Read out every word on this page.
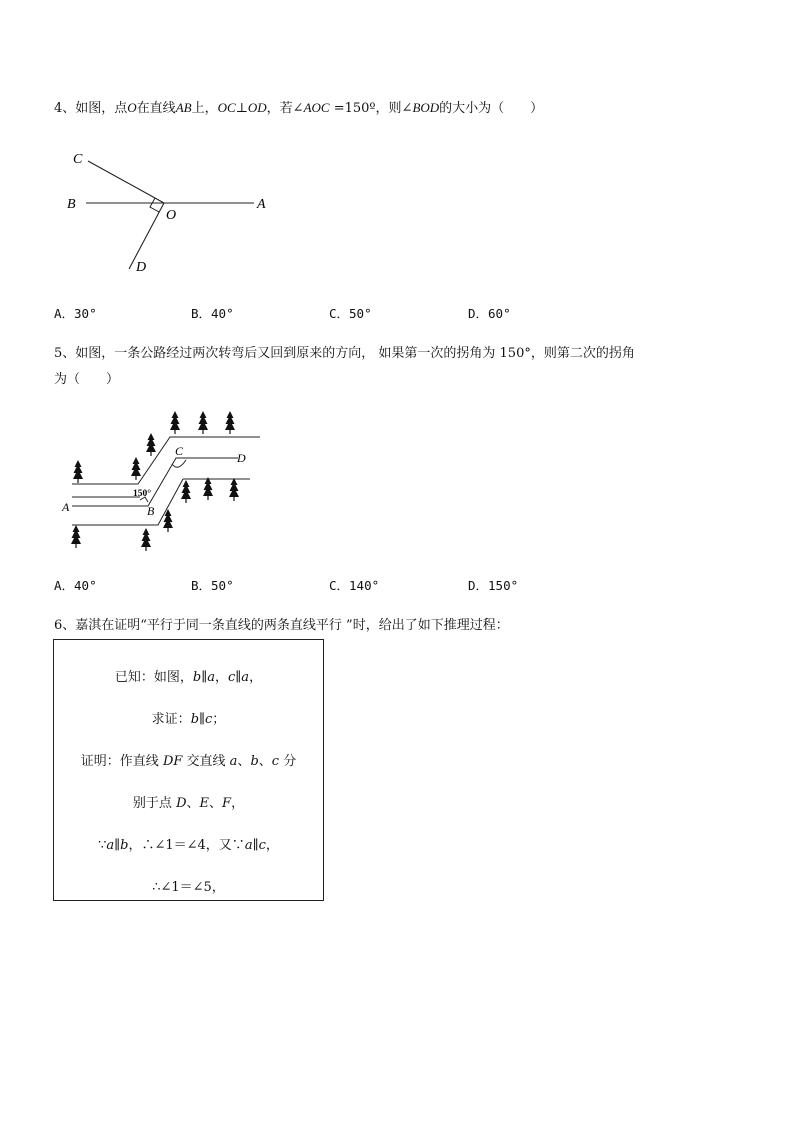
4、如图，点O在直线AB上，OC⊥OD，若∠AOC =150º，则∠BOD的大小为（　　）
C
B
O
A
D
A．30°	B．40°	C．50°	D．60°
5、如图，一条公路经过两次转弯后又回到原来的方向， 如果第一次的拐角为 150°，则第二次的拐角
为（　　）
A	B
C	D
150°
A．40°	B．50°	C．140°	D．150°
6、嘉淇在证明“平行于同一条直线的两条直线平行 ”时，给出了如下推理过程：
已知：如图，b∥a，c∥a，
求证：b∥c；
证明：作直线 DF 交直线 a、b、c 分
别于点 D、E、F，
∵a∥b，∴∠1＝∠4，又∵a∥c，
∴∠1＝∠5，
